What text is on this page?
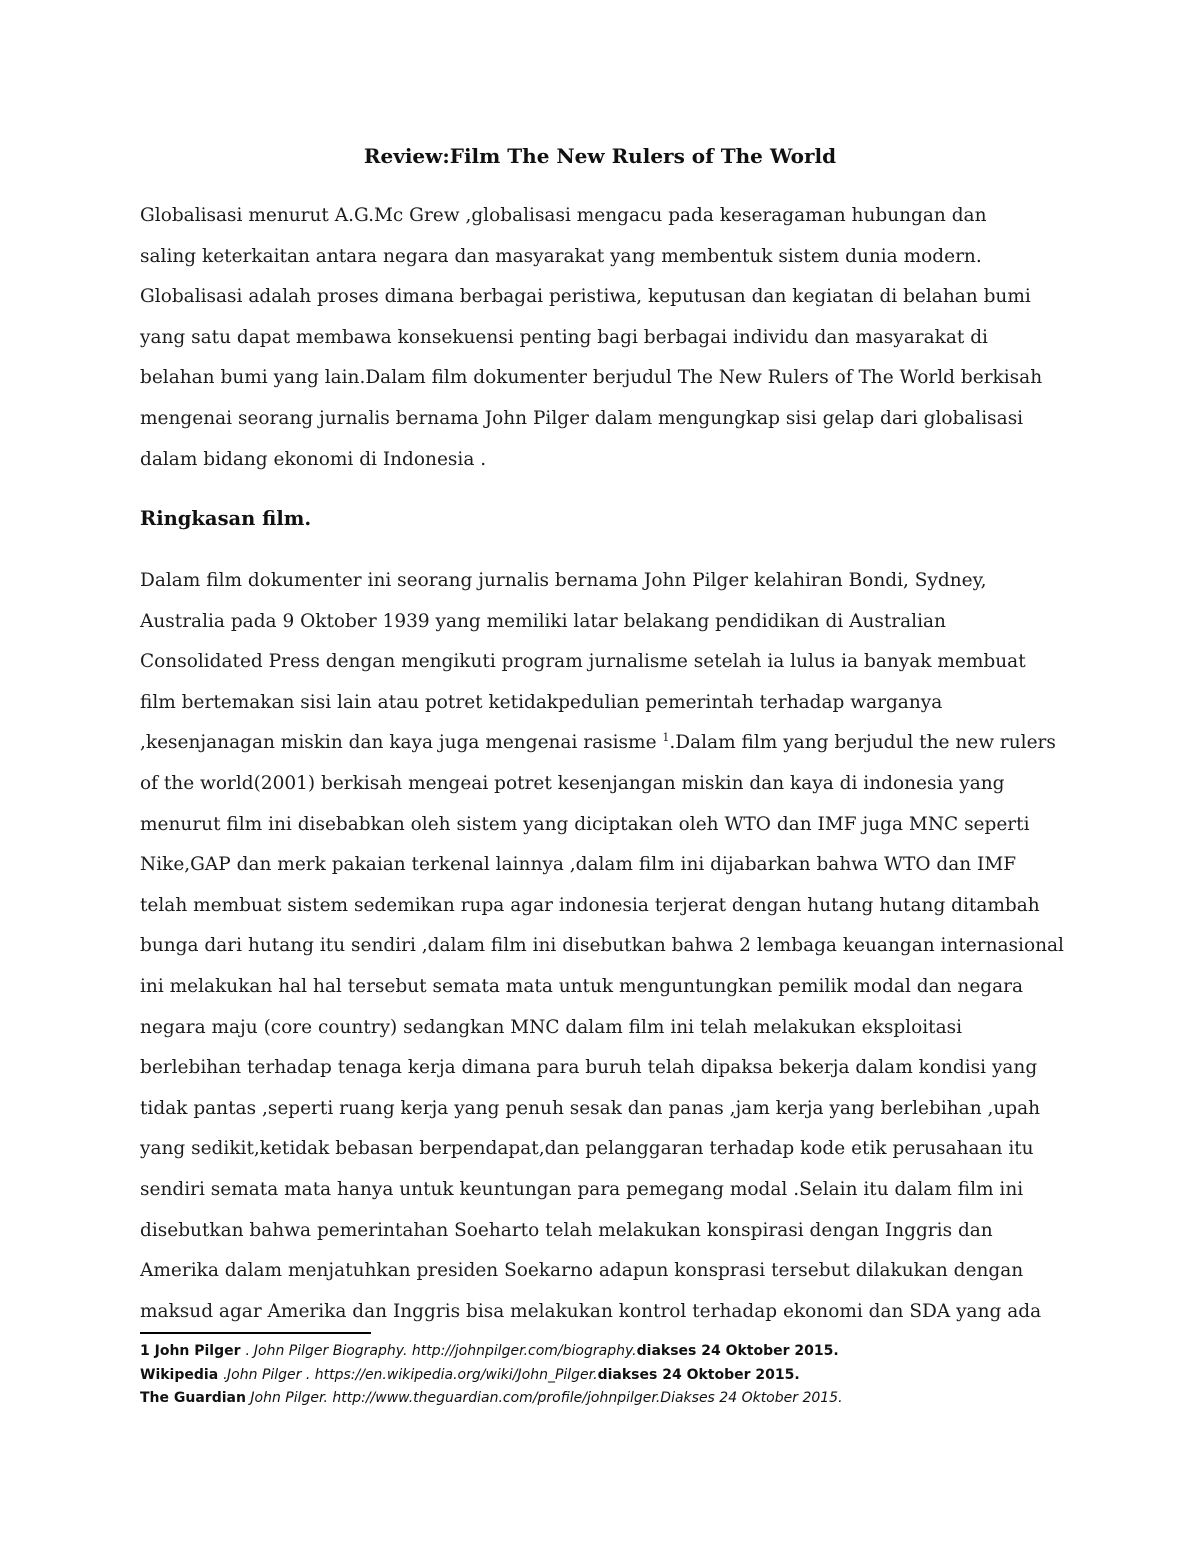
Review:Film The New Rulers of The World
Globalisasi menurut A.G.Mc Grew ,globalisasi mengacu pada keseragaman hubungan dan
saling keterkaitan antara negara dan masyarakat yang membentuk sistem dunia modern.
Globalisasi adalah proses dimana berbagai peristiwa, keputusan dan kegiatan di belahan bumi
yang satu dapat membawa konsekuensi penting bagi berbagai individu dan masyarakat di
belahan bumi yang lain.Dalam film dokumenter berjudul The New Rulers of The World berkisah
mengenai seorang jurnalis bernama John Pilger dalam mengungkap sisi gelap dari globalisasi
dalam bidang ekonomi di Indonesia .
Ringkasan film.
Dalam film dokumenter ini seorang jurnalis bernama John Pilger kelahiran Bondi, Sydney,
Australia pada 9 Oktober 1939 yang memiliki latar belakang pendidikan di Australian
Consolidated Press dengan mengikuti program jurnalisme setelah ia lulus ia banyak membuat
film bertemakan sisi lain atau potret ketidakpedulian pemerintah terhadap warganya
,kesenjanagan miskin dan kaya juga mengenai rasisme $^1$.Dalam film yang berjudul the new rulers
of the world(2001) berkisah mengeai potret kesenjangan miskin dan kaya di indonesia yang
menurut film ini disebabkan oleh sistem yang diciptakan oleh WTO dan IMF juga MNC seperti
Nike,GAP dan merk pakaian terkenal lainnya ,dalam film ini dijabarkan bahwa WTO dan IMF
telah membuat sistem sedemikan rupa agar indonesia terjerat dengan hutang hutang ditambah
bunga dari hutang itu sendiri ,dalam film ini disebutkan bahwa 2 lembaga keuangan internasional
ini melakukan hal hal tersebut semata mata untuk menguntungkan pemilik modal dan negara
negara maju (core country) sedangkan MNC dalam film ini telah melakukan eksploitasi
berlebihan terhadap tenaga kerja dimana para buruh telah dipaksa bekerja dalam kondisi yang
tidak pantas ,seperti ruang kerja yang penuh sesak dan panas ,jam kerja yang berlebihan ,upah
yang sedikit,ketidak bebasan berpendapat,dan pelanggaran terhadap kode etik perusahaan itu
sendiri semata mata hanya untuk keuntungan para pemegang modal .Selain itu dalam film ini
disebutkan bahwa pemerintahan Soeharto telah melakukan konspirasi dengan Inggris dan
Amerika dalam menjatuhkan presiden Soekarno adapun konsprasi tersebut dilakukan dengan
maksud agar Amerika dan Inggris bisa melakukan kontrol terhadap ekonomi dan SDA yang ada
1 John Pilger . John Pilger Biography. http://johnpilger.com/biography.diakses 24 Oktober 2015.
Wikipedia .John Pilger . https://en.wikipedia.org/wiki/John_Pilger.diakses 24 Oktober 2015.
The Guardian John Pilger. http://www.theguardian.com/profile/johnpilger.Diakses 24 Oktober 2015.
